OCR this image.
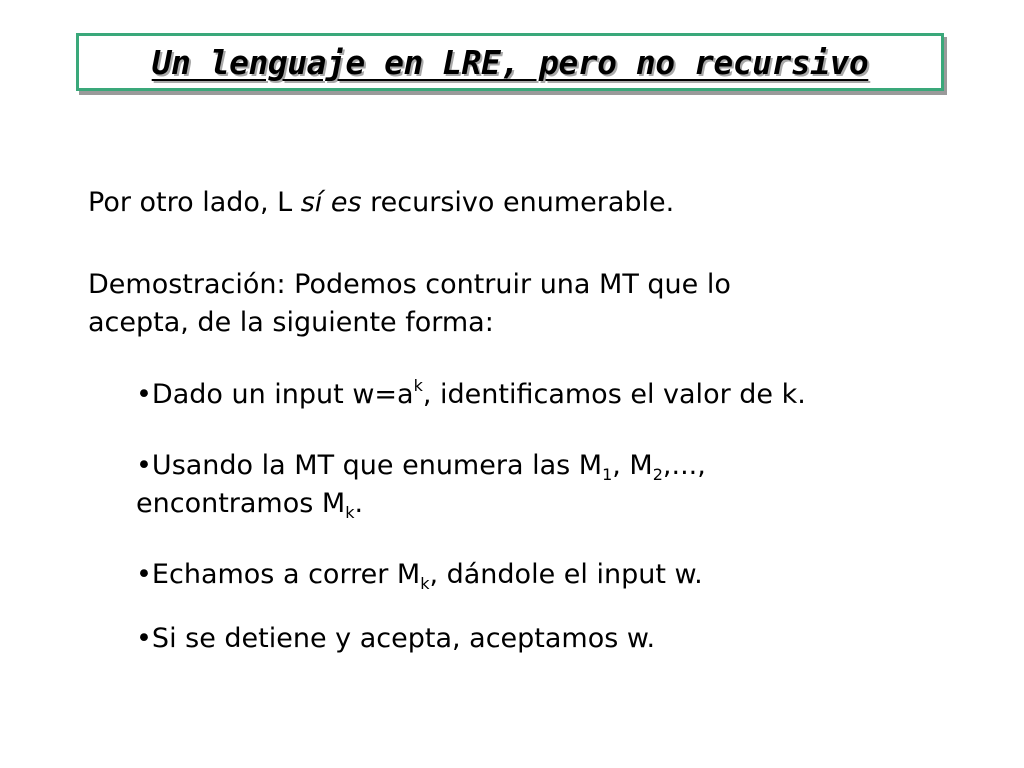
Un lenguaje en LRE, pero no recursivo

Por otro lado, L sí es recursivo enumerable.

Demostración: Podemos contruir una MT que lo
acepta, de la siguiente forma:

•Dado un input $w=a^k$, identificamos el valor de k.

•Usando la MT que enumera las $M_1$, $M_2$,...,
encontramos $M_k$.

•Echamos a correr $M_k$, dándole el input w.

•Si se detiene y acepta, aceptamos w.
